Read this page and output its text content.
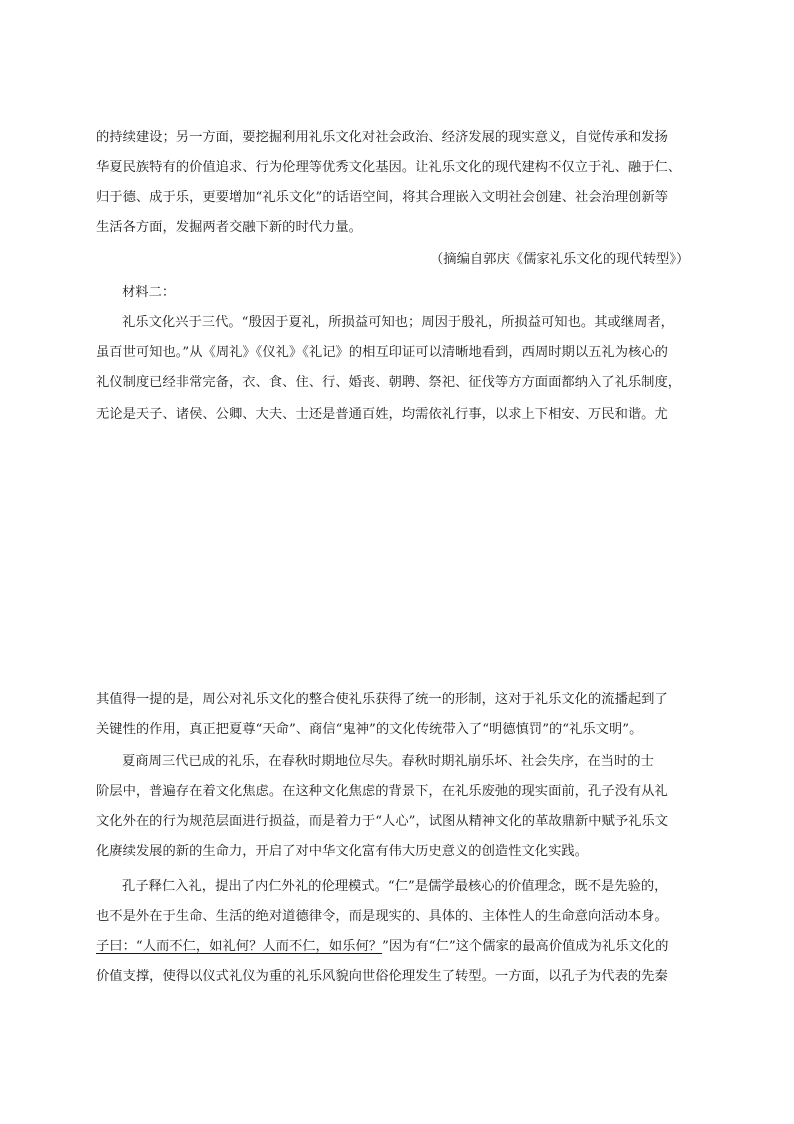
的持续建设；另一方面，要挖掘利用礼乐文化对社会政治、经济发展的现实意义，自觉传承和发扬
华夏民族特有的价值追求、行为伦理等优秀文化基因。让礼乐文化的现代建构不仅立于礼、融于仁、
归于德、成于乐，更要增加“礼乐文化”的话语空间，将其合理嵌入文明社会创建、社会治理创新等
生活各方面，发掘两者交融下新的时代力量。
（摘编自郭庆《儒家礼乐文化的现代转型》）
材料二：
礼乐文化兴于三代。“殷因于夏礼，所损益可知也；周因于殷礼，所损益可知也。其或继周者，
虽百世可知也。”从《周礼》《仪礼》《礼记》的相互印证可以清晰地看到，西周时期以五礼为核心的
礼仪制度已经非常完备，衣、食、住、行、婚丧、朝聘、祭祀、征伐等方方面面都纳入了礼乐制度，
无论是天子、诸侯、公卿、大夫、士还是普通百姓，均需依礼行事，以求上下相安、万民和谐。尤
其值得一提的是，周公对礼乐文化的整合使礼乐获得了统一的形制，这对于礼乐文化的流播起到了
关键性的作用，真正把夏尊“天命”、商信“鬼神”的文化传统带入了“明德慎罚”的“礼乐文明”。
夏商周三代已成的礼乐，在春秋时期地位尽失。春秋时期礼崩乐坏、社会失序，在当时的士
阶层中，普遍存在着文化焦虑。在这种文化焦虑的背景下，在礼乐废弛的现实面前，孔子没有从礼
文化外在的行为规范层面进行损益，而是着力于“人心”，试图从精神文化的革故鼎新中赋予礼乐文
化赓续发展的新的生命力，开启了对中华文化富有伟大历史意义的创造性文化实践。
孔子释仁入礼，提出了内仁外礼的伦理模式。“仁”是儒学最核心的价值理念，既不是先验的，
也不是外在于生命、生活的绝对道德律令，而是现实的、具体的、主体性人的生命意向活动本身。
子曰：“人而不仁，如礼何？人而不仁，如乐何？”因为有“仁”这个儒家的最高价值成为礼乐文化的
价值支撑，使得以仪式礼仪为重的礼乐风貌向世俗伦理发生了转型。一方面，以孔子为代表的先秦
